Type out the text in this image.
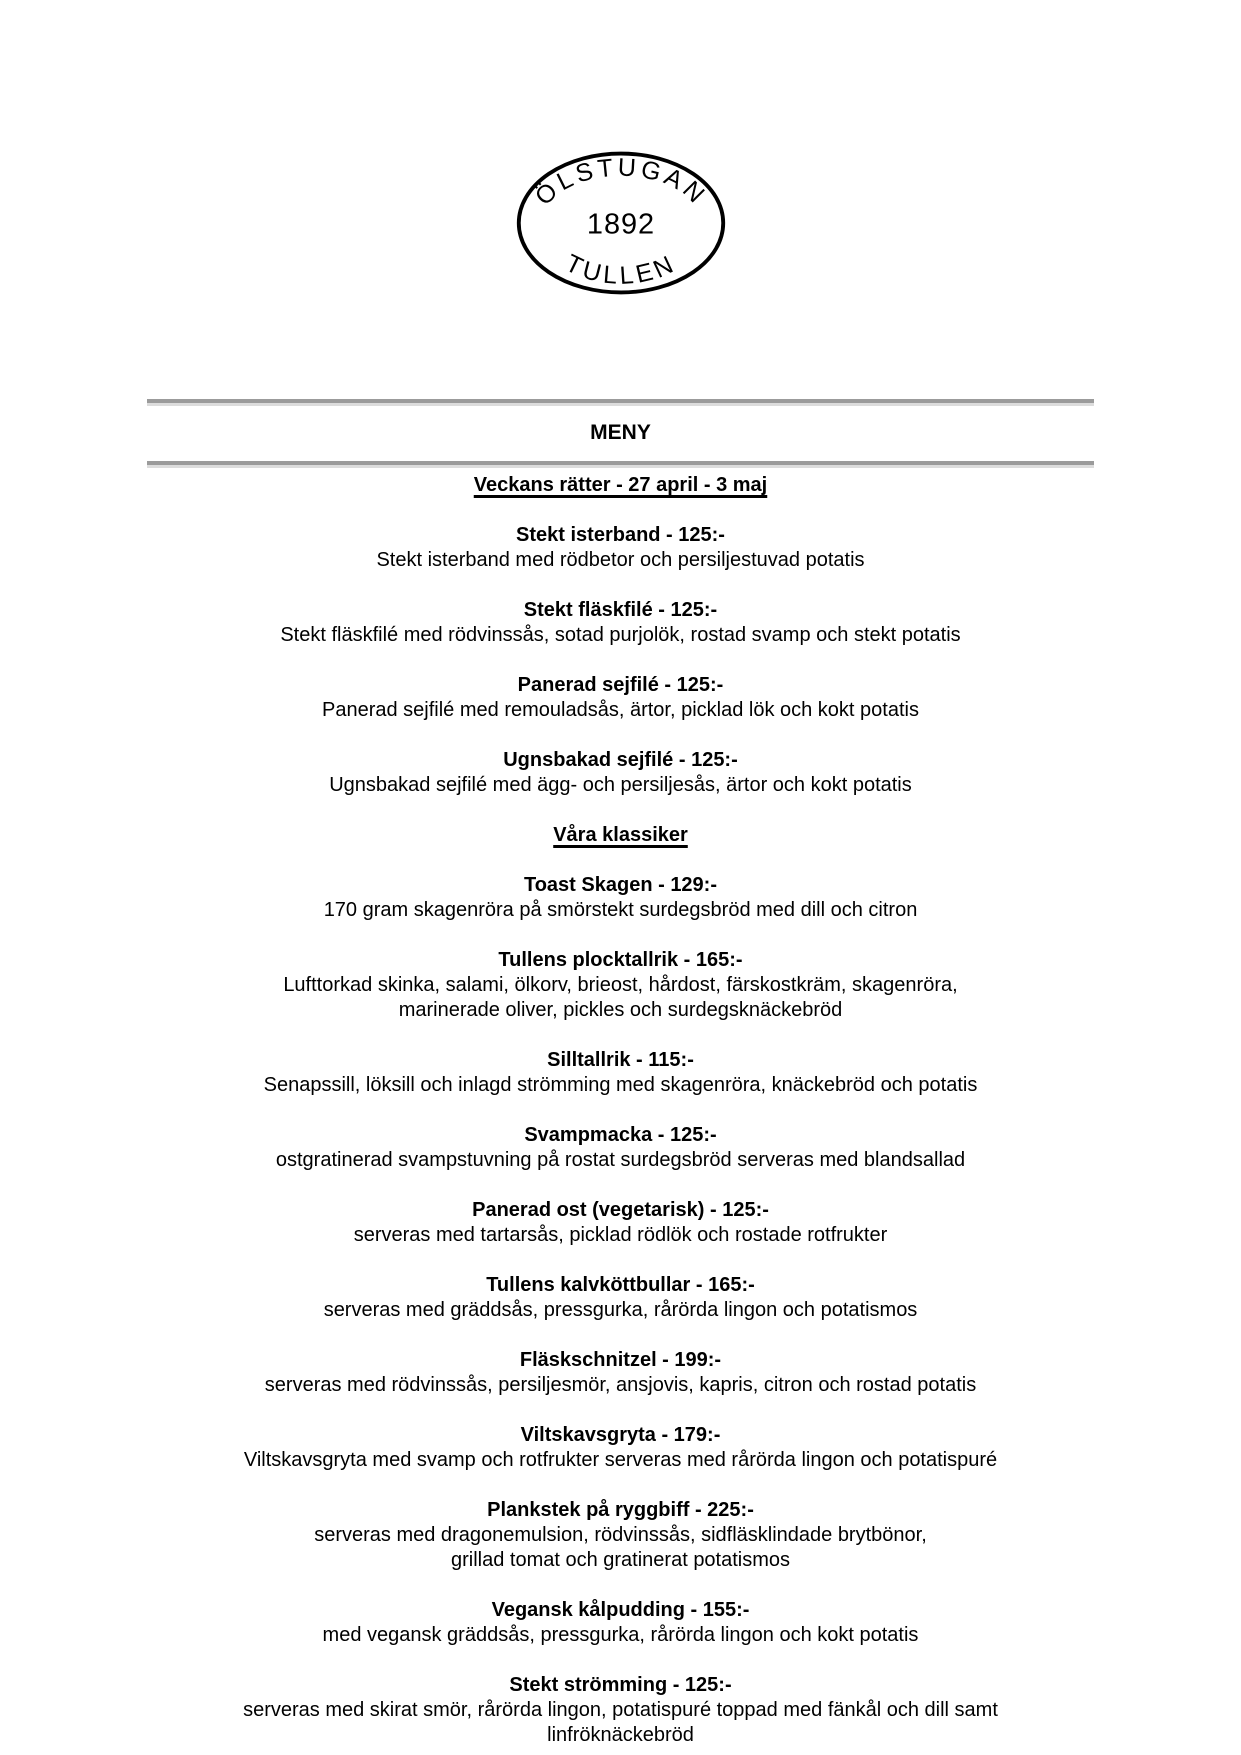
ÖLSTUGAN
1892
TULLEN
MENY
Veckans rätter - 27 april - 3 maj
Stekt isterband - 125:-

Stekt isterband med rödbetor och persiljestuvad potatis

Stekt fläskfilé - 125:-

Stekt fläskfilé med rödvinssås, sotad purjolök, rostad svamp och stekt potatis

Panerad sejfilé - 125:-

Panerad sejfilé med remouladsås, ärtor, picklad lök och kokt potatis

Ugnsbakad sejfilé - 125:-

Ugnsbakad sejfilé med ägg- och persiljesås, ärtor och kokt potatis

Våra klassiker
Toast Skagen - 129:-

170 gram skagenröra på smörstekt surdegsbröd med dill och citron

Tullens plocktallrik - 165:-

Lufttorkad skinka, salami, ölkorv, brieost, hårdost, färskostkräm, skagenröra,
marinerade oliver, pickles och surdegsknäckebröd

Silltallrik - 115:-

Senapssill, löksill och inlagd strömming med skagenröra, knäckebröd och potatis

Svampmacka - 125:-

ostgratinerad svampstuvning på rostat surdegsbröd serveras med blandsallad

Panerad ost (vegetarisk) - 125:-

serveras med tartarsås, picklad rödlök och rostade rotfrukter

Tullens kalvköttbullar - 165:-

serveras med gräddsås, pressgurka, rårörda lingon och potatismos

Fläskschnitzel - 199:-

serveras med rödvinssås, persiljesmör, ansjovis, kapris, citron och rostad potatis

Viltskavsgryta - 179:-

Viltskavsgryta med svamp och rotfrukter serveras med rårörda lingon och potatispuré

Plankstek på ryggbiff - 225:-

serveras med dragonemulsion, rödvinssås, sidfläsklindade brytbönor,
grillad tomat och gratinerat potatismos

Vegansk kålpudding - 155:-

med vegansk gräddsås, pressgurka, rårörda lingon och kokt potatis

Stekt strömming - 125:-

serveras med skirat smör, rårörda lingon, potatispuré toppad med fänkål och dill samt
linfröknäckebröd
